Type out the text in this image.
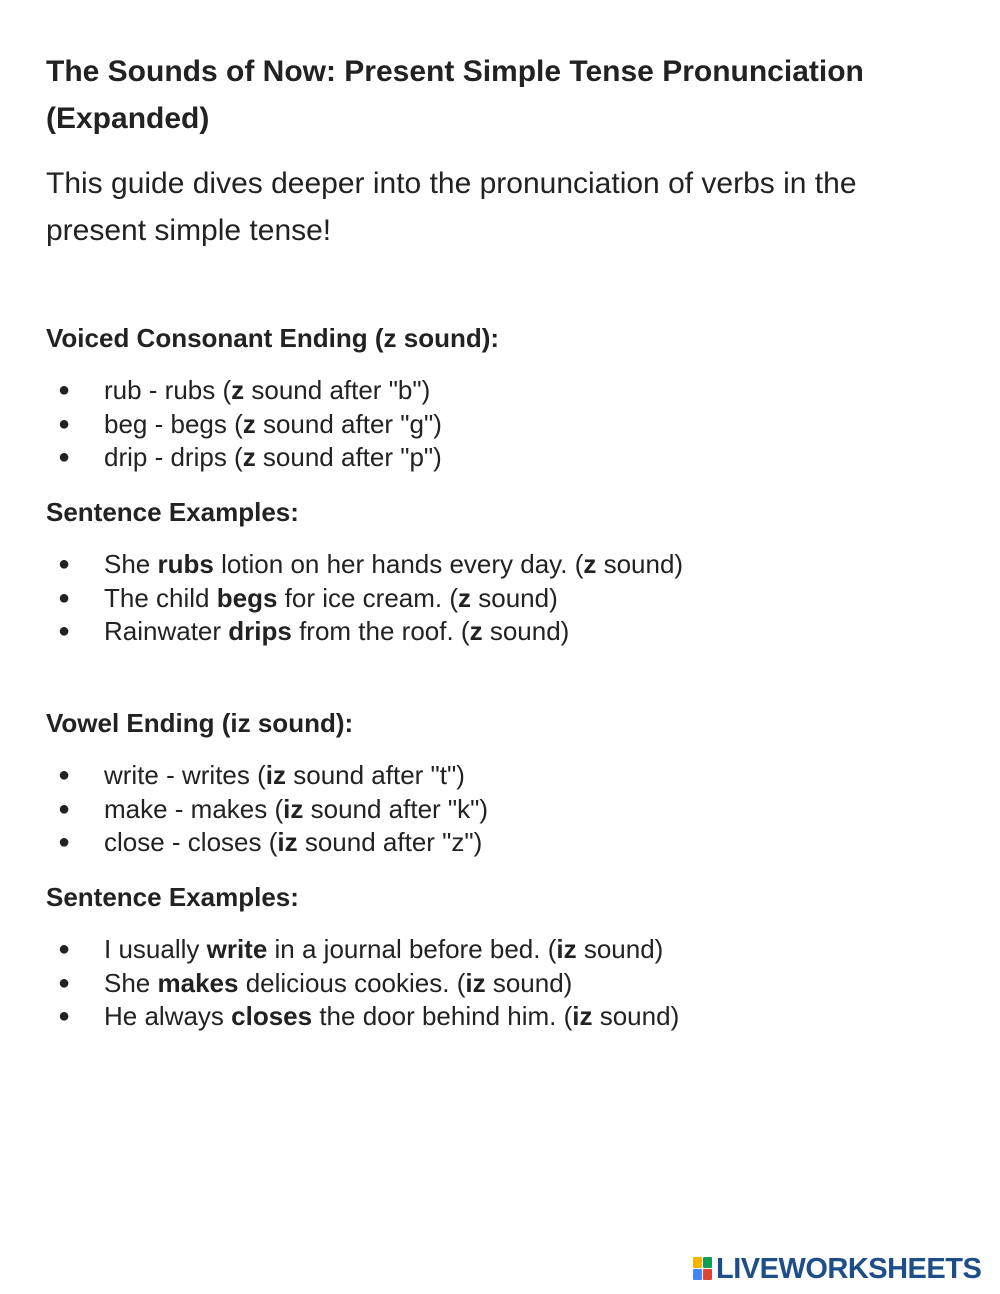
The Sounds of Now: Present Simple Tense Pronunciation (Expanded)

This guide dives deeper into the pronunciation of verbs in the present simple tense!

Voiced Consonant Ending (z sound):
● rub - rubs (z sound after "b")
● beg - begs (z sound after "g")
● drip - drips (z sound after "p")
Sentence Examples:
● She rubs lotion on her hands every day. (z sound)
● The child begs for ice cream. (z sound)
● Rainwater drips from the roof. (z sound)
Vowel Ending (iz sound):
● write - writes (iz sound after "t")
● make - makes (iz sound after "k")
● close - closes (iz sound after "z")
Sentence Examples:
● I usually write in a journal before bed. (iz sound)
● She makes delicious cookies. (iz sound)
● He always closes the door behind him. (iz sound)
LIVEWORKSHEETS
